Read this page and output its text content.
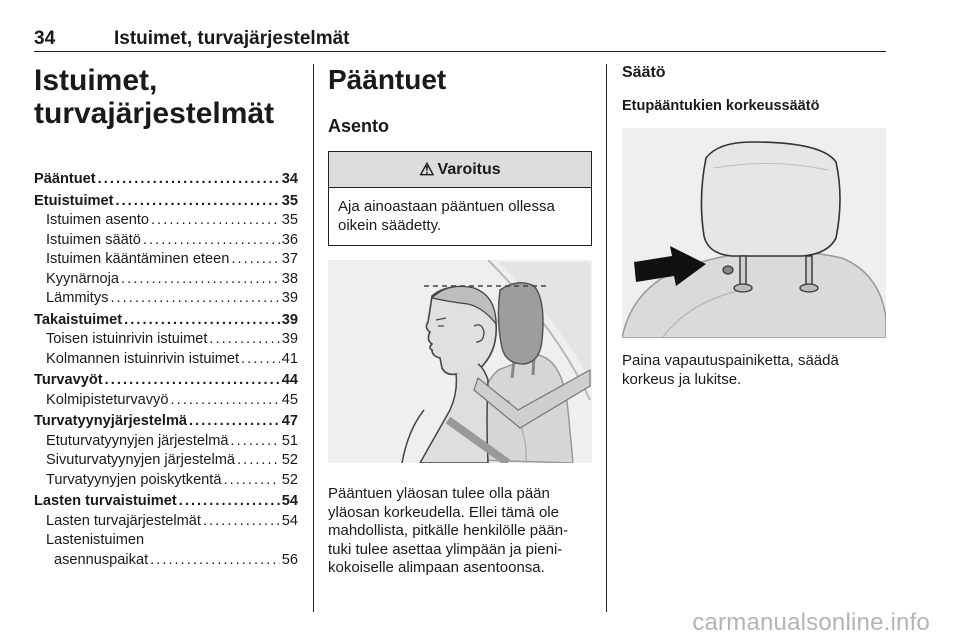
34	Istuimet, turvajärjestelmät
Istuimet,
turvajärjestelmät
Pääntuet . . .	34
Etuistuimet . . .	35
Istuimen asento . . .	35
Istuimen säätö . . .	36
Istuimen kääntäminen eteen . . .	37
Kyynärnoja . . .	38
Lämmitys . . .	39
Takaistuimet . . .	39
Toisen istuinrivin istuimet . . .	39
Kolmannen istuinrivin istuimet . . .	41
Turvavyöt . . .	44
Kolmipisteturvavyö . . .	45
Turvatyynyjärjestelmä . . .	47
Etuturvatyynyjen järjestelmä . . .	51
Sivuturvatyynyjen järjestelmä . . .	52
Turvatyynyjen poiskytkentä . . .	52
Lasten turvaistuimet . . .	54
Lasten turvajärjestelmät . . .	54
Lastenistuimen
asennuspaikat . . .	56
Pääntuet
Asento
⚠ Varoitus
Aja ainoastaan pääntuen ollessa oikein säädetty.
Pääntuen yläosan tulee olla pään
yläosan korkeudella. Ellei tämä ole
mahdollista, pitkälle henkilölle pään-
tuki tulee asettaa ylimpään ja pieni-
kokoiselle alimpaan asentoonsa.
Säätö
Etupääntukien korkeussäätö
Paina vapautuspainiketta, säädä
korkeus ja lukitse.
carmanualsonline.info
